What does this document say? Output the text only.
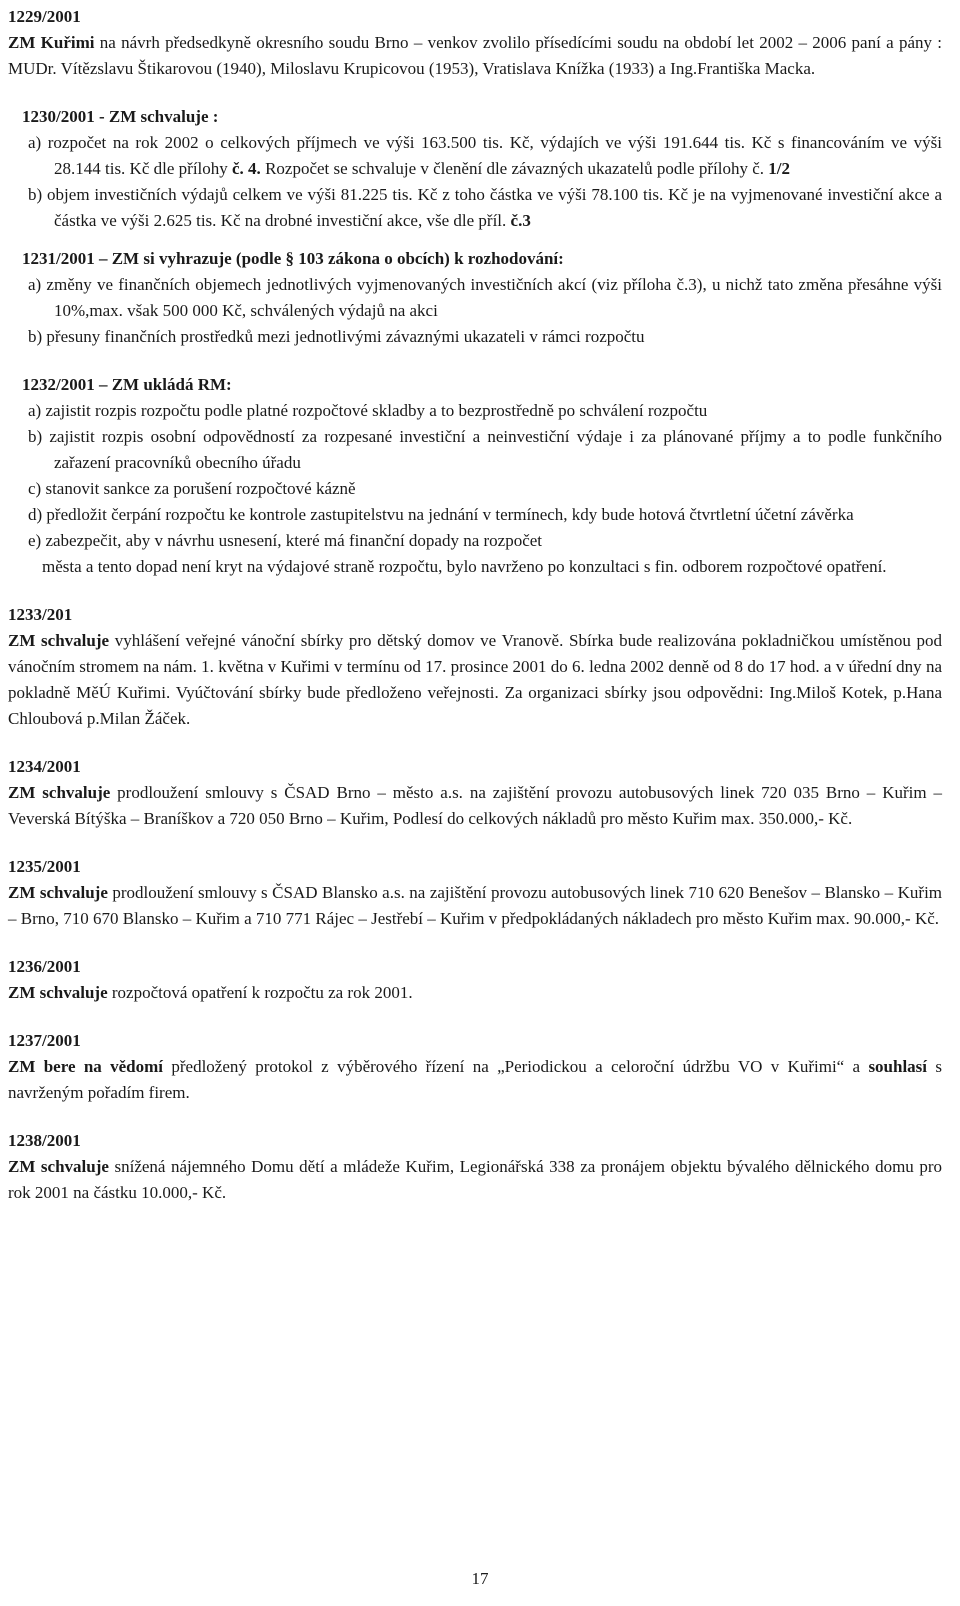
1229/2001

ZM Kuřimi na návrh předsedkyně okresního soudu Brno – venkov zvolilo přísedícími soudu na období let 2002 – 2006 paní a pány : MUDr. Vítězslavu Štikarovou (1940), Miloslavu Krupicovou (1953), Vratislava Knížka (1933) a Ing.Františka Macka.

1230/2001 - ZM schvaluje :

a) rozpočet na rok 2002 o celkových příjmech ve výši 163.500 tis. Kč, výdajích ve výši 191.644 tis. Kč s financováním ve výši 28.144 tis. Kč dle přílohy č. 4. Rozpočet se schvaluje v členění dle závazných ukazatelů podle přílohy č. 1/2

b) objem investičních výdajů celkem ve výši 81.225 tis. Kč z toho částka ve výši 78.100 tis. Kč je na vyjmenované investiční akce a částka ve výši 2.625 tis. Kč na drobné investiční akce, vše dle příl. č.3

1231/2001 – ZM si vyhrazuje (podle § 103 zákona o obcích) k rozhodování:

a) změny ve finančních objemech jednotlivých vyjmenovaných investičních akcí (viz příloha č.3), u nichž tato změna přesáhne výši 10%,max. však 500 000 Kč, schválených výdajů na akci

b) přesuny finančních prostředků mezi jednotlivými závaznými ukazateli v rámci rozpočtu

1232/2001 – ZM ukládá RM:

a) zajistit rozpis rozpočtu podle platné rozpočtové skladby a to bezprostředně po schválení rozpočtu

b) zajistit rozpis osobní odpovědností za rozpesané investiční a neinvestiční výdaje i za plánované příjmy a to podle funkčního zařazení pracovníků obecního úřadu

c) stanovit sankce za porušení rozpočtové kázně

d) předložit čerpání rozpočtu ke kontrole zastupitelstvu na jednání v termínech, kdy bude hotová čtvrtletní účetní závěrka

e) zabezpečit, aby v návrhu usnesení, které má finanční dopady na rozpočet

města a tento dopad není kryt na výdajové straně rozpočtu, bylo navrženo po konzultaci s fin. odborem rozpočtové opatření.

1233/201

ZM schvaluje vyhlášení veřejné vánoční sbírky pro dětský domov ve Vranově. Sbírka bude realizována pokladničkou umístěnou pod vánočním stromem na nám. 1. května v Kuřimi v termínu od 17. prosince 2001 do 6. ledna 2002 denně od 8 do 17 hod. a v úřední dny na pokladně MěÚ Kuřimi. Vyúčtování sbírky bude předloženo veřejnosti. Za organizaci sbírky jsou odpovědni: Ing.Miloš Kotek, p.Hana Chloubová p.Milan Žáček.

1234/2001

ZM schvaluje prodloužení smlouvy s ČSAD Brno – město a.s. na zajištění provozu autobusových linek 720 035 Brno – Kuřim – Veverská Bítýška – Braníškov a 720 050 Brno – Kuřim, Podlesí do celkových nákladů pro město Kuřim max. 350.000,- Kč.

1235/2001

ZM schvaluje prodloužení smlouvy s ČSAD Blansko a.s. na zajištění provozu autobusových linek 710 620 Benešov – Blansko – Kuřim – Brno, 710 670 Blansko – Kuřim a 710 771 Rájec – Jestřebí – Kuřim v předpokládaných nákladech pro město Kuřim max. 90.000,- Kč.

1236/2001

ZM schvaluje rozpočtová opatření k rozpočtu za rok 2001.

1237/2001

ZM bere na vědomí předložený protokol z výběrového řízení na „Periodickou a celoroční údržbu VO v Kuřimi“ a souhlasí s navrženým pořadím firem.

1238/2001

ZM schvaluje snížená nájemného Domu dětí a mládeže Kuřim, Legionářská 338 za pronájem objektu bývalého dělnického domu pro rok 2001 na částku 10.000,- Kč.

17
